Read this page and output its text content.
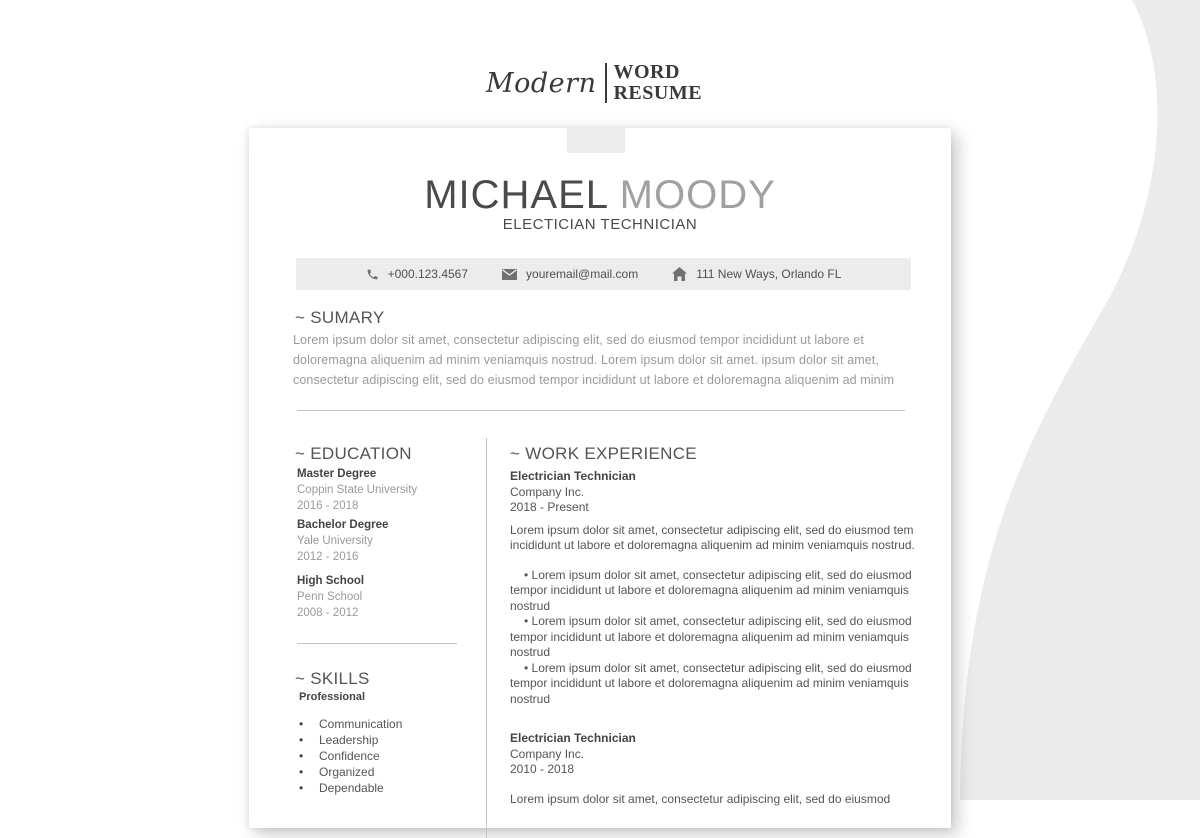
Modern WORD
RESUME
MICHAEL MOODY
ELECTICIAN TECHNICIAN
+000.123.4567	youremail@mail.com	111 New Ways, Orlando FL
~ SUMARY
Lorem ipsum dolor sit amet, consectetur adipiscing elit, sed do eiusmod tempor incididunt ut labore et doloremagna aliquenim ad minim veniamquis nostrud. Lorem ipsum dolor sit amet. ipsum dolor sit amet, consectetur adipiscing elit, sed do eiusmod tempor incididunt ut labore et doloremagna aliquenim ad minim
~ EDUCATION
Master Degree
Coppin State University
2016 - 2018
Bachelor Degree
Yale University
2012 - 2016
High School
Penn School
2008 - 2012
~ SKILLS
Professional
• Communication
• Leadership
• Confidence
• Organized
• Dependable
~ WORK EXPERIENCE
Electrician Technician
Company Inc.
2018 - Present
Lorem ipsum dolor sit amet, consectetur adipiscing elit, sed do eiusmod tem incididunt ut labore et doloremagna aliquenim ad minim veniamquis nostrud.
• Lorem ipsum dolor sit amet, consectetur adipiscing elit, sed do eiusmod tempor incididunt ut labore et doloremagna aliquenim ad minim veniamquis nostrud
• Lorem ipsum dolor sit amet, consectetur adipiscing elit, sed do eiusmod tempor incididunt ut labore et doloremagna aliquenim ad minim veniamquis nostrud
• Lorem ipsum dolor sit amet, consectetur adipiscing elit, sed do eiusmod tempor incididunt ut labore et doloremagna aliquenim ad minim veniamquis nostrud
Electrician Technician
Company Inc.
2010 - 2018
Lorem ipsum dolor sit amet, consectetur adipiscing elit, sed do eiusmod
